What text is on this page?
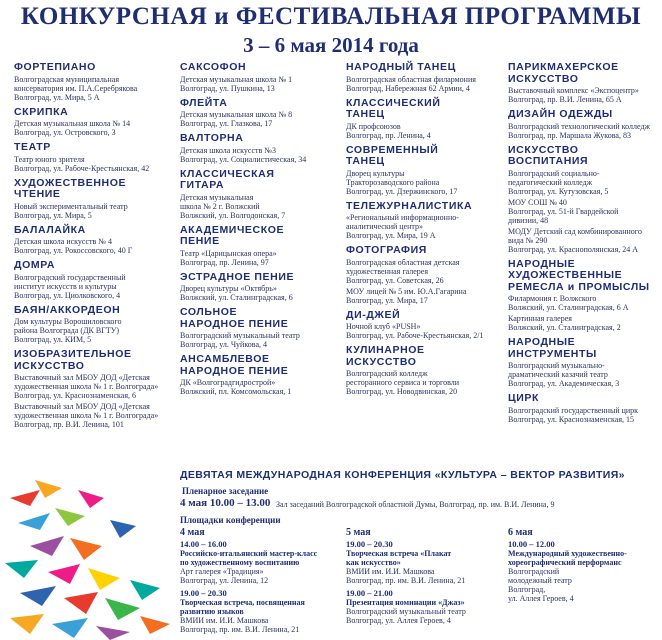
КОНКУРСНАЯ и ФЕСТИВАЛЬНАЯ ПРОГРАММЫ
3 – 6 мая 2014 года
ФОРТЕПИАНО
Волгоградская муниципальная
консерватория им. П.А.Серебрякова
Волгоград, ул. Мира, 5 А
СКРИПКА
Детская музыкальная школа № 14
Волгоград, ул. Островского, 3
ТЕАТР
Театр юного зрителя
Волгоград, ул. Рабоче-Крестьянская, 42
ХУДОЖЕСТВЕННОЕ
ЧТЕНИЕ
Новый экспериментальный театр
Волгоград, ул. Мира, 5
БАЛАЛАЙКА
Детская школа искусств № 4
Волгоград, ул. Рокоссовского, 40 Г
ДОМРА
Волгоградский государственный
институт искусств и культуры
Волгоград, ул. Циолковского, 4
БАЯН/АККОРДЕОН
Дом культуры Ворошиловского
района Волгограда (ДК ВГТУ)
Волгоград, ул. КИМ, 5
ИЗОБРАЗИТЕЛЬНОЕ
ИСКУССТВО
Выставочный зал МБОУ ДОД «Детская
художественная школа № 1 г. Волгограда»
Волгоград, ул. Краснознаменская, 6
Выставочный зал МБОУ ДОД «Детская
художественная школа № 1 г. Волгограда»
Волгоград, пр. В.И. Ленина, 101
САКСОФОН
Детская музыкальная школа № 1
Волгоград, ул. Пушкина, 13
ФЛЕЙТА
Детская музыкальная школа № 8
Волгоград, ул. Глазкова, 17
ВАЛТОРНА
Детская школа искусств №3
Волгоград, ул. Социалистическая, 34
КЛАССИЧЕСКАЯ
ГИТАРА
Детская музыкальная
школа № 2 г. Волжский
Волжский, ул. Волгодонская, 7
АКАДЕМИЧЕСКОЕ
ПЕНИЕ
Театр «Царицынская опера»
Волгоград, пр. Ленина, 97
ЭСТРАДНОЕ ПЕНИЕ
Дворец культуры «Октябрь»
Волжский, ул. Сталинградская, 6
СОЛЬНОЕ
НАРОДНОЕ ПЕНИЕ
Волгоградский музыкальный театр
Волгоград, ул. Чуйкова, 4
АНСАМБЛЕВОЕ
НАРОДНОЕ ПЕНИЕ
ДК «Волгоградгидрострой»
Волжский, пл. Комсомольская, 1
НАРОДНЫЙ ТАНЕЦ
Волгоградская областная филармония
Волгоград, Набережная 62 Армии, 4
КЛАССИЧЕСКИЙ
ТАНЕЦ
ДК профсоюзов
Волгоград, пр. Ленина, 4
СОВРЕМЕННЫЙ
ТАНЕЦ
Дворец культуры
Тракторозаводского района
Волгоград, ул. Дзержинского, 17
ТЕЛЕЖУРНАЛИСТИКА
«Региональный информационно-
аналитический центр»
Волгоград, ул. Мира, 19 А
ФОТОГРАФИЯ
Волгоградская областная детская
художественная галерея
Волгоград, ул. Советская, 26
МОУ лицей № 5 им. Ю.А.Гагарина
Волгоград, ул. Мира, 17
ДИ-ДЖЕЙ
Ночной клуб «PUSH»
Волгоград, ул. Рабоче-Крестьянская, 2/1
КУЛИНАРНОЕ
ИСКУССТВО
Волгоградский колледж
ресторанного сервиса и торговли
Волгоград, ул. Новодвинская, 20
ПАРИКМАХЕРСКОЕ
ИСКУССТВО
Выставочный комплекс «Экспоцентр»
Волгоград, пр. В.И. Ленина, 65 А
ДИЗАЙН ОДЕЖДЫ
Волгоградский технологический колледж
Волгоград, пр. Маршала Жукова, 83
ИСКУССТВО
ВОСПИТАНИЯ
Волгоградский социально-
педагогический колледж
Волгоград, ул. Кутузовская, 5
МОУ СОШ № 40
Волгоград, ул. 51-й Гвардейской
дивизии, 48
МОДУ Детский сад комбинированного
вида № 290
Волгоград, ул. Краснополянская, 24 А
НАРОДНЫЕ
ХУДОЖЕСТВЕННЫЕ
РЕМЕСЛА и ПРОМЫСЛЫ
Филармония г. Волжского
Волжский, ул. Сталинградская, 6 А
Картинная галерея
Волжский, ул. Сталинградская, 2
НАРОДНЫЕ
ИНСТРУМЕНТЫ
Волгоградский музыкально-
драматический казачий театр
Волгоград, ул. Академическая, 3
ЦИРК
Волгоградский государственный цирк
Волгоград, ул. Краснознаменская, 15
ДЕВЯТАЯ МЕЖДУНАРОДНАЯ КОНФЕРЕНЦИЯ «КУЛЬТУРА – ВЕКТОР РАЗВИТИЯ»
Пленарное заседание
4 мая 10.00 – 13.00 Зал заседаний Волгоградской областной Думы, Волгоград, пр. им. В.И. Ленина, 9
Площадки конференции
4 мая
14.00 – 16.00
Российско-итальянский мастер-класс
по художественному воспитанию
Арт галерея «Традиция»
Волгоград, ул. Ленина, 12
19.00 – 20.30
Творческая встреча, посвященная
развитию языков
ВМИИ им. И.И. Машкова
Волгоград, пр. им. В.И. Ленина, 21
5 мая
19.00 – 20.30
Творческая встреча «Плакат
как искусство»
ВМИИ им. И.И. Машкова
Волгоград, пр. им. В.И. Ленина, 21
19.00 – 21.00
Презентация номинации «Джаз»
Волгоградский музыкальный театр
Волгоград, ул. Аллея Героев, 4
6 мая
10.00 – 12.00
Международный художественно-
хореографический перформанс
Волгоградский
молодежный театр
Волгоград,
ул. Аллея Героев, 4
